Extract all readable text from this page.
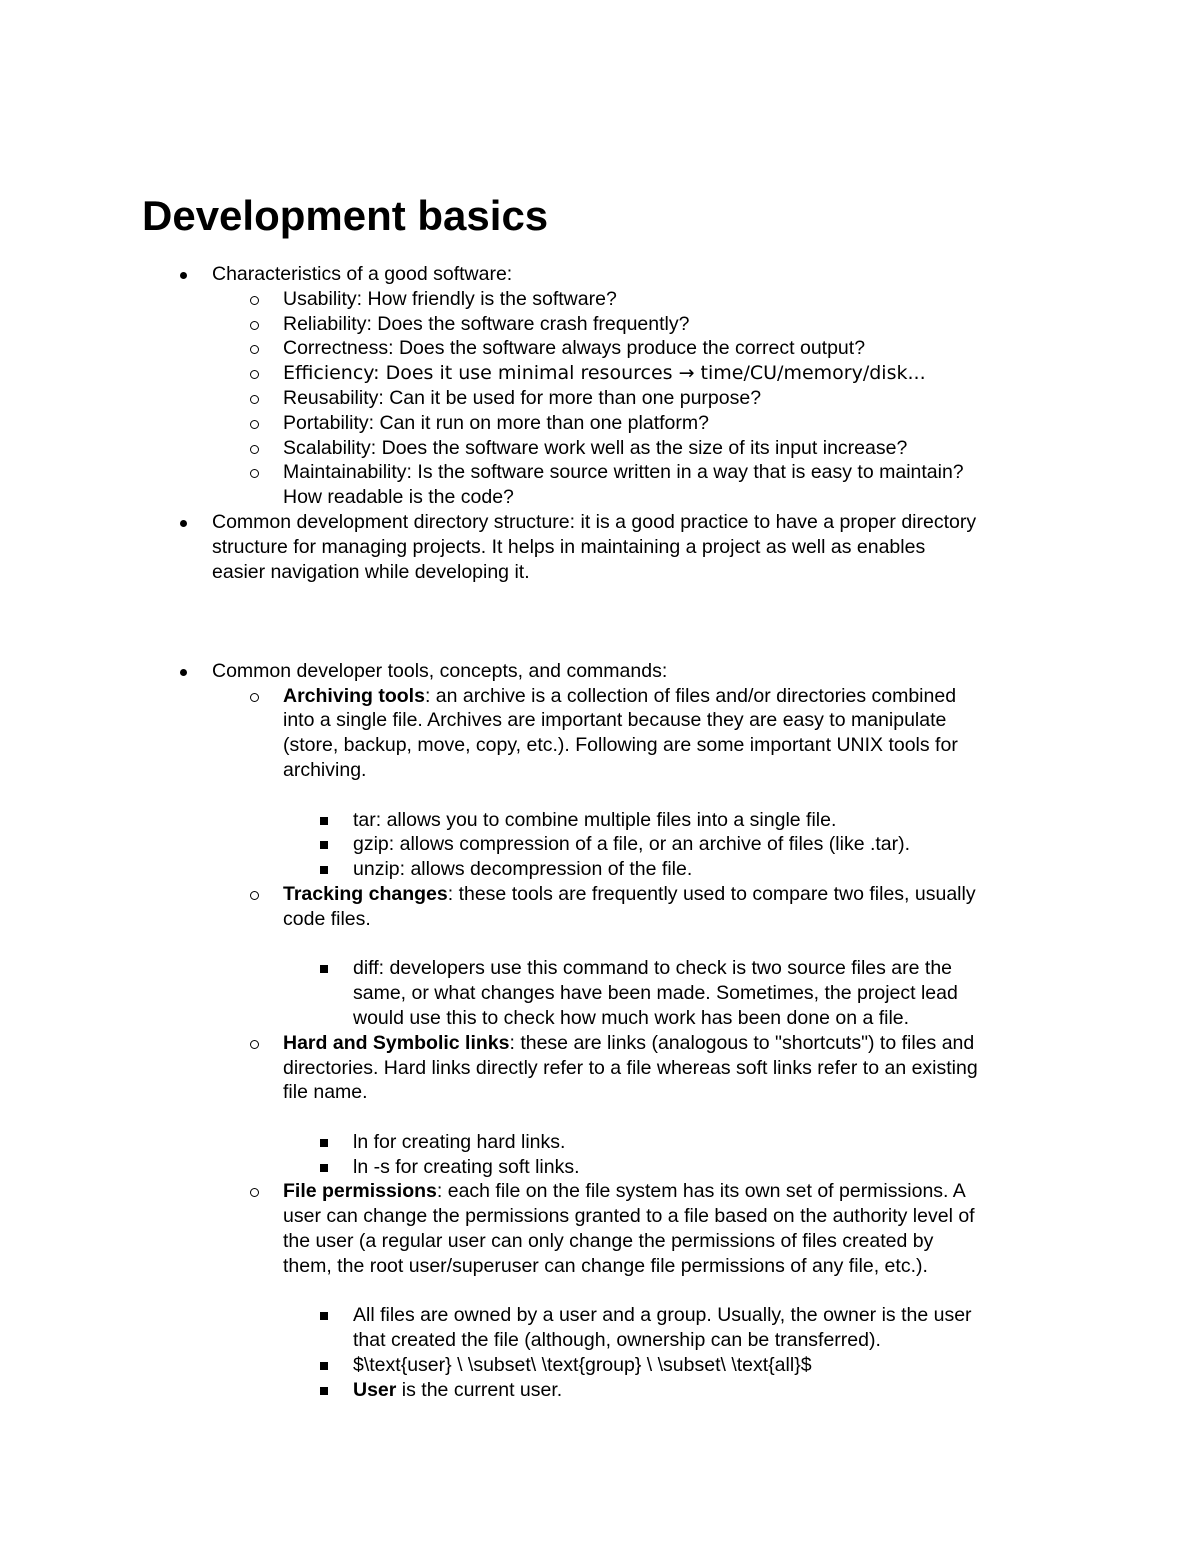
Development basics
Characteristics of a good software:
Usability: How friendly is the software?
Reliability: Does the software crash frequently?
Correctness: Does the software always produce the correct output?
Efficiency: Does it use minimal resources → time/CU/memory/disk...
Reusability: Can it be used for more than one purpose?
Portability: Can it run on more than one platform?
Scalability: Does the software work well as the size of its input increase?
Maintainability: Is the software source written in a way that is easy to maintain?
How readable is the code?
Common development directory structure: it is a good practice to have a proper directory
structure for managing projects. It helps in maintaining a project as well as enables
easier navigation while developing it.
Common developer tools, concepts, and commands:
Archiving tools: an archive is a collection of files and/or directories combined
into a single file. Archives are important because they are easy to manipulate
(store, backup, move, copy, etc.). Following are some important UNIX tools for
archiving.
tar: allows you to combine multiple files into a single file.
gzip: allows compression of a file, or an archive of files (like .tar).
unzip: allows decompression of the file.
Tracking changes: these tools are frequently used to compare two files, usually
code files.
diff: developers use this command to check is two source files are the
same, or what changes have been made. Sometimes, the project lead
would use this to check how much work has been done on a file.
Hard and Symbolic links: these are links (analogous to "shortcuts") to files and
directories. Hard links directly refer to a file whereas soft links refer to an existing
file name.
ln for creating hard links.
ln -s for creating soft links.
File permissions: each file on the file system has its own set of permissions. A
user can change the permissions granted to a file based on the authority level of
the user (a regular user can only change the permissions of files created by
them, the root user/superuser can change file permissions of any file, etc.).
All files are owned by a user and a group. Usually, the owner is the user
that created the file (although, ownership can be transferred).
$\text{user} \ \subset\ \text{group} \ \subset\ \text{all}$
User is the current user.
